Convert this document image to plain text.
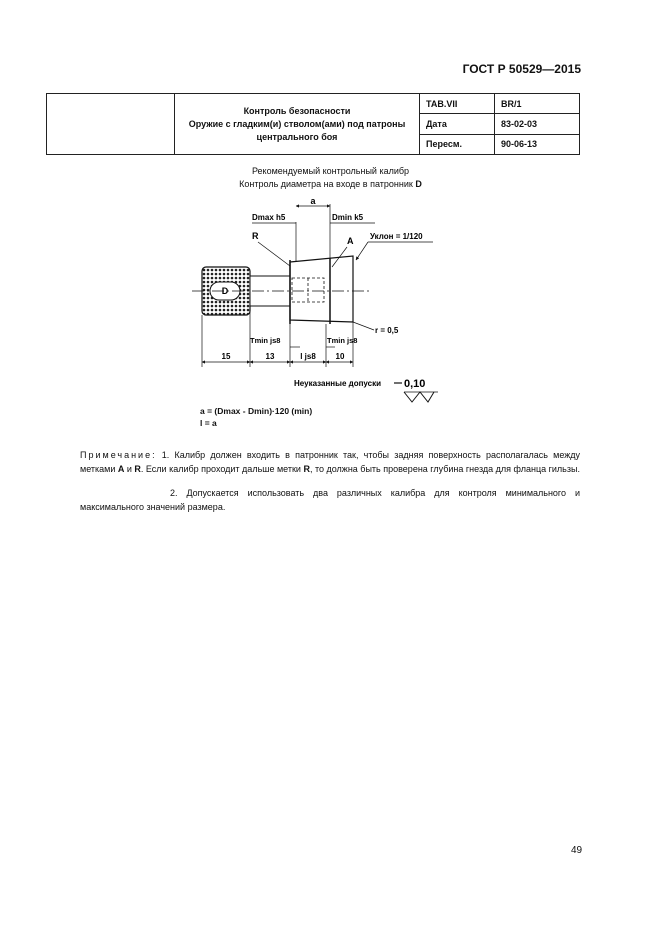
ГОСТ Р 50529—2015
	Контроль безопасности
Оружие с гладким(и) стволом(ами) под патроны
центрального боя	TAB.VII	BR/1
		Дата	83-02-03
		Пересм.	90-06-13
Рекомендуемый контрольный калибр
Контроль диаметра на входе в патронник D
D
a
Dmax h5	Dmin k5
R	A Уклон = 1/120
r = 0,5
Tmin js8	Tmin js8
15	13	l js8 10
Неуказанные допуски 0,10
a = (Dmax - Dmin)·120 (min)
l = a
Примечание: 1. Калибр должен входить в патронник так, чтобы задняя поверхность располагалась между метками A и R. Если калибр проходит дальше метки R, то должна быть проверена глубина гнезда для фланца гильзы.
2. Допускается использовать два различных калибра для контроля минимального и максимального значений размера.
49
